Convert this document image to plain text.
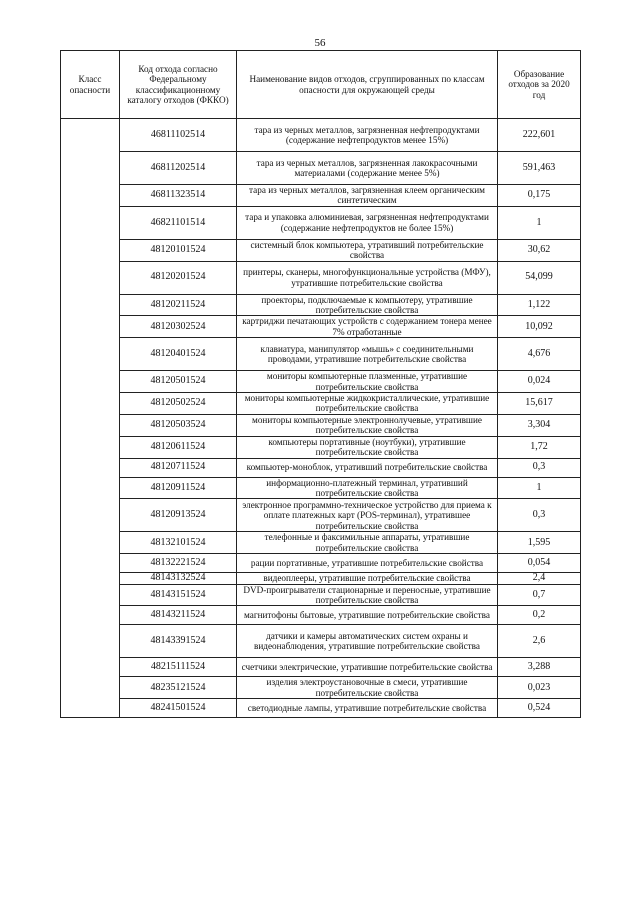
56
Класс опасности	Код отхода согласно Федеральному классификационному каталогу отходов (ФККО)	Наименование видов отходов, сгруппированных по классам опасности для окружающей среды	Образование отходов за 2020 год
	46811102514	тара из черных металлов, загрязненная нефтепродуктами (содержание нефтепродуктов менее 15%)	222,601
	46811202514	тара из черных металлов, загрязненная лакокрасочными материалами (содержание менее 5%)	591,463
	46811323514	тара из черных металлов, загрязненная клеем органическим синтетическим	0,175
	46821101514	тара и упаковка алюминиевая, загрязненная нефтепродуктами (содержание нефтепродуктов не более 15%)	1
	48120101524	системный блок компьютера, утративший потребительские свойства	30,62
	48120201524	принтеры, сканеры, многофункциональные устройства (МФУ), утратившие потребительские свойства	54,099
	48120211524	проекторы, подключаемые к компьютеру, утратившие потребительские свойства	1,122
	48120302524	картриджи печатающих устройств с содержанием тонера менее 7% отработанные	10,092
	48120401524	клавиатура, манипулятор «мышь» с соединительными проводами, утратившие потребительские свойства	4,676
	48120501524	мониторы компьютерные плазменные, утратившие потребительские свойства	0,024
	48120502524	мониторы компьютерные жидкокристаллические, утратившие потребительские свойства	15,617
	48120503524	мониторы компьютерные электроннолучевые, утратившие потребительские свойства	3,304
	48120611524	компьютеры портативные (ноутбуки), утратившие потребительские свойства	1,72
	48120711524	компьютер-моноблок, утративший потребительские свойства	0,3
	48120911524	информационно-платежный терминал, утративший потребительские свойства	1
	48120913524	электронное программно-техническое устройство для приема к оплате платежных карт (POS-терминал), утратившее потребительские свойства	0,3
	48132101524	телефонные и факсимильные аппараты, утратившие потребительские свойства	1,595
	48132221524	рации портативные, утратившие потребительские свойства	0,054
	48143132524	видеоплееры, утратившие потребительские свойства	2,4
	48143151524	DVD-проигрыватели стационарные и переносные, утратившие потребительские свойства	0,7
	48143211524	магнитофоны бытовые, утратившие потребительские свойства	0,2
	48143391524	датчики и камеры автоматических систем охраны и видеонаблюдения, утратившие потребительские свойства	2,6
	48215111524	счетчики электрические, утратившие потребительские свойства	3,288
	48235121524	изделия электроустановочные в смеси, утратившие потребительские свойства	0,023
	48241501524	светодиодные лампы, утратившие потребительские свойства	0,524
